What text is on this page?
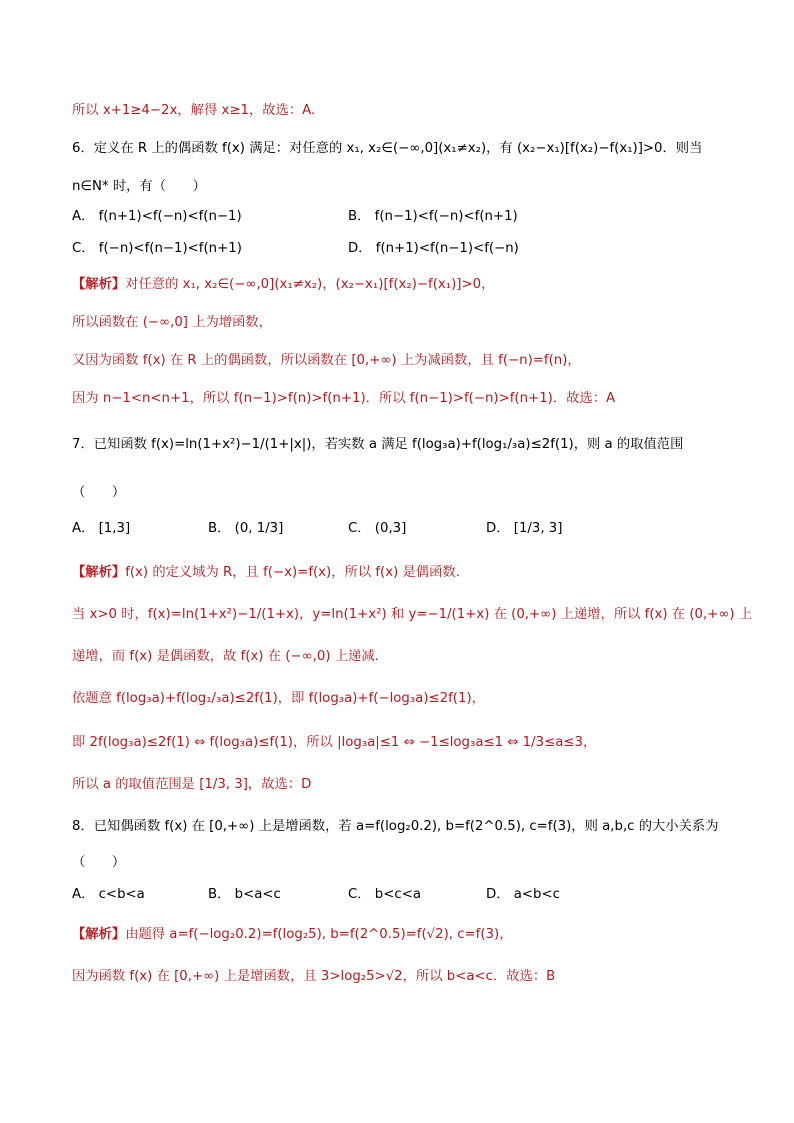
所以 x+1≥4−2x，解得 x≥1，故选：A.
6．定义在 R 上的偶函数 f(x) 满足：对任意的 x₁, x₂∈(−∞,0](x₁≠x₂)，有 (x₂−x₁)[f(x₂)−f(x₁)]>0．则当
n∈N* 时，有（　　）
A． f(n+1)<f(−n)<f(n−1)	B． f(n−1)<f(−n)<f(n+1)
C． f(−n)<f(n−1)<f(n+1)	D． f(n+1)<f(n−1)<f(−n)
【解析】对任意的 x₁, x₂∈(−∞,0](x₁≠x₂)，(x₂−x₁)[f(x₂)−f(x₁)]>0，
所以函数在 (−∞,0] 上为增函数，
又因为函数 f(x) 在 R 上的偶函数，所以函数在 [0,+∞) 上为减函数，且 f(−n)=f(n)，
因为 n−1<n<n+1，所以 f(n−1)>f(n)>f(n+1)．所以 f(n−1)>f(−n)>f(n+1)．故选：A
7．已知函数 f(x)=ln(1+x²)−1/(1+|x|)，若实数 a 满足 f(log₃a)+f(log₁/₃a)≤2f(1)，则 a 的取值范围
（　　）
A． [1,3]	B． (0, 1/3]	C． (0,3]	D． [1/3, 3]
【解析】f(x) 的定义域为 R，且 f(−x)=f(x)，所以 f(x) 是偶函数．
当 x>0 时，f(x)=ln(1+x²)−1/(1+x)，y=ln(1+x²) 和 y=−1/(1+x) 在 (0,+∞) 上递增，所以 f(x) 在 (0,+∞) 上
递增，而 f(x) 是偶函数，故 f(x) 在 (−∞,0) 上递减．
依题意 f(log₃a)+f(log₁/₃a)≤2f(1)，即 f(log₃a)+f(−log₃a)≤2f(1)，
即 2f(log₃a)≤2f(1) ⇔ f(log₃a)≤f(1)，所以 |log₃a|≤1 ⇔ −1≤log₃a≤1 ⇔ 1/3≤a≤3，
所以 a 的取值范围是 [1/3, 3]，故选：D
8．已知偶函数 f(x) 在 [0,+∞) 上是增函数，若 a=f(log₂0.2), b=f(2^0.5), c=f(3)，则 a,b,c 的大小关系为
（　　）
A． c<b<a	B． b<a<c	C． b<c<a	D． a<b<c
【解析】由题得 a=f(−log₂0.2)=f(log₂5), b=f(2^0.5)=f(√2), c=f(3)，
因为函数 f(x) 在 [0,+∞) 上是增函数，且 3>log₂5>√2，所以 b<a<c．故选：B
